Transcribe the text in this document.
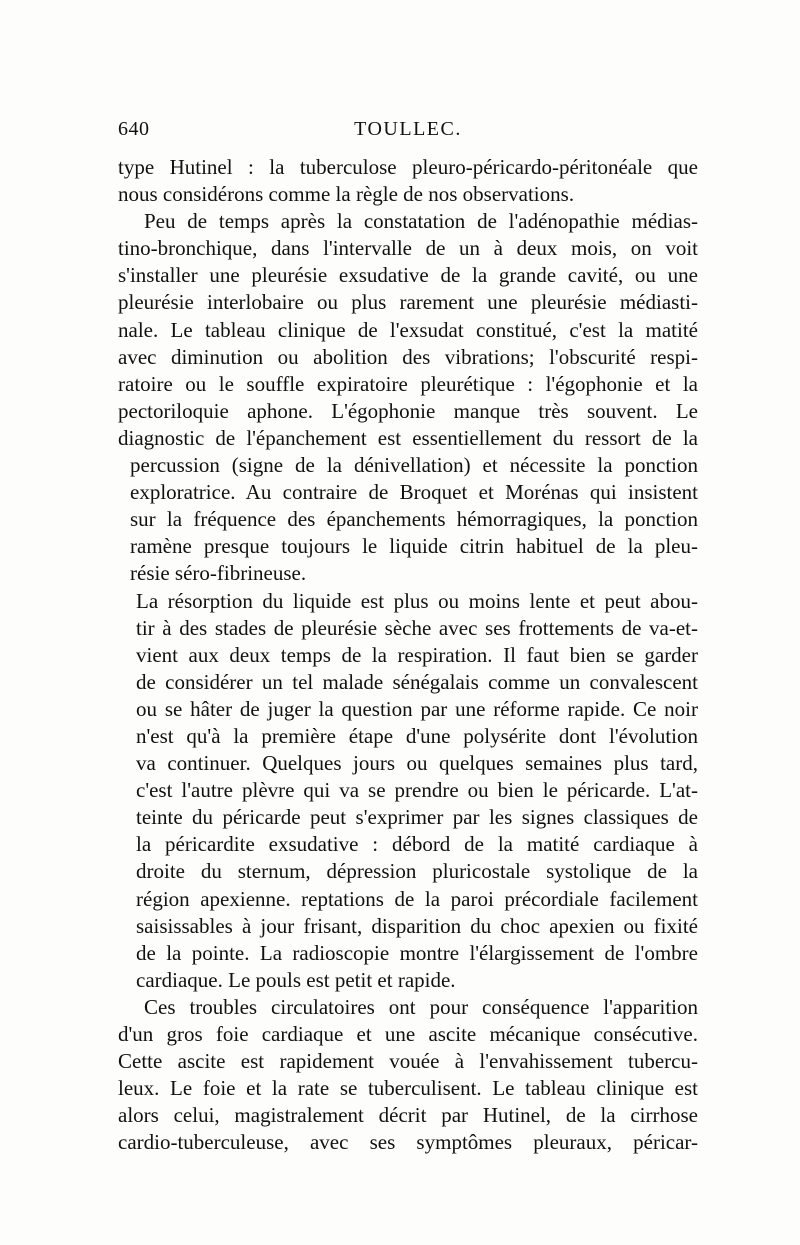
640	TOULLEC.
type Hutinel : la tuberculose pleuro-péricardo-péritonéale que
nous considérons comme la règle de nos observations.
Peu de temps après la constatation de l'adénopathie médias-
tino-bronchique, dans l'intervalle de un à deux mois, on voit
s'installer une pleurésie exsudative de la grande cavité, ou une
pleurésie interlobaire ou plus rarement une pleurésie médiasti-
nale. Le tableau clinique de l'exsudat constitué, c'est la matité
avec diminution ou abolition des vibrations; l'obscurité respi-
ratoire ou le souffle expiratoire pleurétique : l'égophonie et la
pectoriloquie aphone. L'égophonie manque très souvent. Le
diagnostic de l'épanchement est essentiellement du ressort de la
percussion (signe de la dénivellation) et nécessite la ponction
exploratrice. Au contraire de Broquet et Morénas qui insistent
sur la fréquence des épanchements hémorragiques, la ponction
ramène presque toujours le liquide citrin habituel de la pleu-
résie séro-fibrineuse.
La résorption du liquide est plus ou moins lente et peut abou-
tir à des stades de pleurésie sèche avec ses frottements de va-et-
vient aux deux temps de la respiration. Il faut bien se garder
de considérer un tel malade sénégalais comme un convalescent
ou se hâter de juger la question par une réforme rapide. Ce noir
n'est qu'à la première étape d'une polysérite dont l'évolution
va continuer. Quelques jours ou quelques semaines plus tard,
c'est l'autre plèvre qui va se prendre ou bien le péricarde. L'at-
teinte du péricarde peut s'exprimer par les signes classiques de
la péricardite exsudative : débord de la matité cardiaque à
droite du sternum, dépression pluricostale systolique de la
région apexienne. reptations de la paroi précordiale facilement
saisissables à jour frisant, disparition du choc apexien ou fixité
de la pointe. La radioscopie montre l'élargissement de l'ombre
cardiaque. Le pouls est petit et rapide.
Ces troubles circulatoires ont pour conséquence l'apparition
d'un gros foie cardiaque et une ascite mécanique consécutive.
Cette ascite est rapidement vouée à l'envahissement tubercu-
leux. Le foie et la rate se tuberculisent. Le tableau clinique est
alors celui, magistralement décrit par Hutinel, de la cirrhose
cardio-tuberculeuse, avec ses symptômes pleuraux, péricar-
